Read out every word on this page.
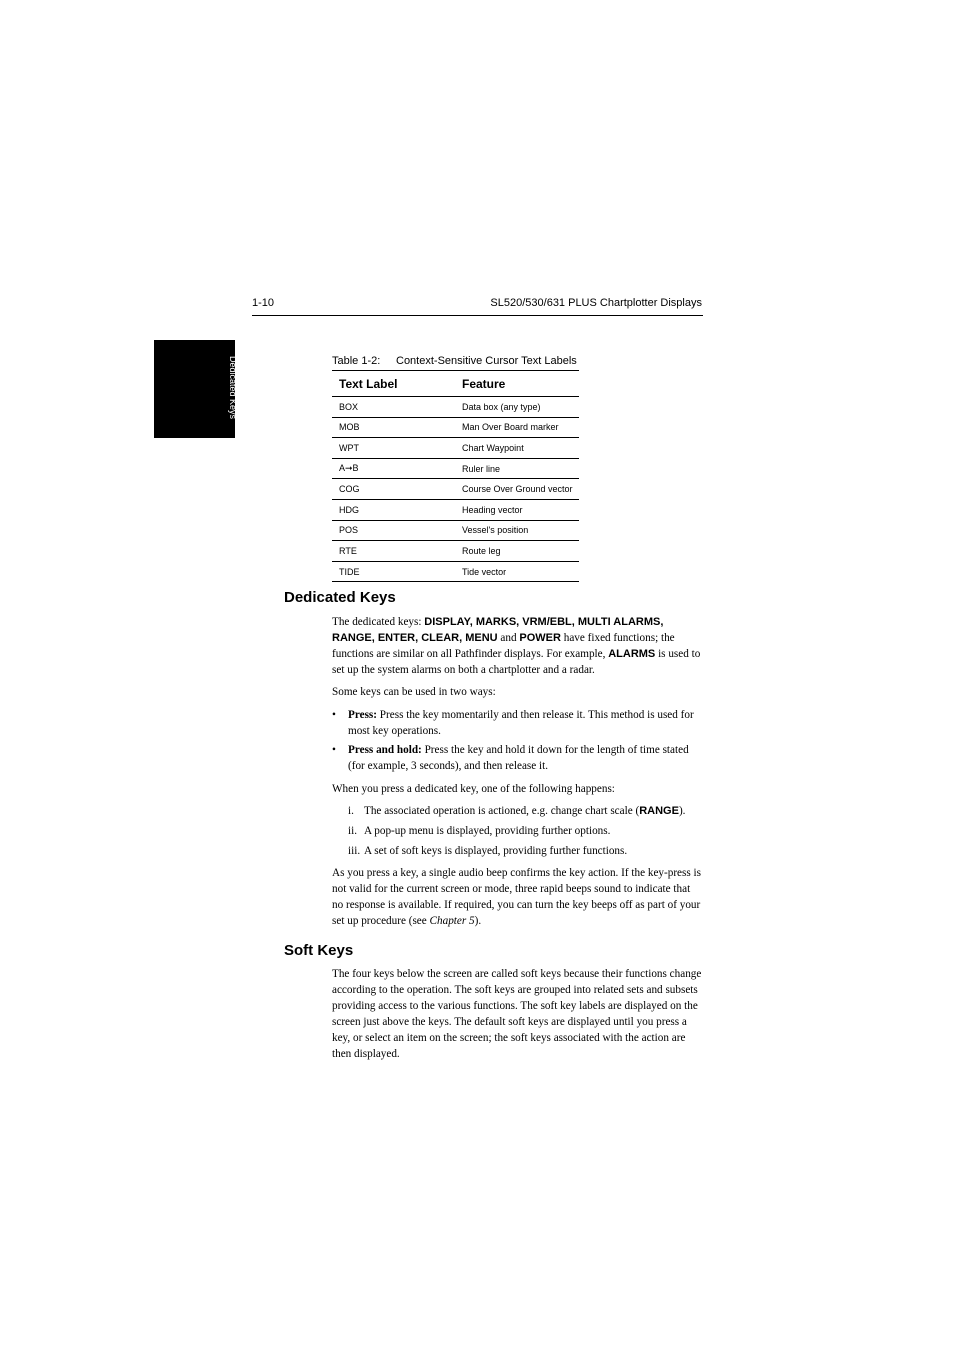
1-10	SL520/530/631 PLUS Chartplotter Displays
Dedicated Keys	Table 1-2: Context-Sensitive Cursor Text Labels
Text Label	Feature
BOX	Data box (any type)
MOB	Man Over Board marker
WPT	Chart Waypoint
A➞B	Ruler line
COG	Course Over Ground vector
HDG	Heading vector
POS	Vessel's position
RTE	Route leg
TIDE	Tide vector
Dedicated Keys

The dedicated keys: DISPLAY, MARKS, VRM/EBL, MULTI ALARMS, RANGE, ENTER, CLEAR, MENU and POWER have fixed functions; the functions are similar on all Pathfinder displays. For example, ALARMS is used to set up the system alarms on both a chartplotter and a radar.

Some keys can be used in two ways:

• Press: Press the key momentarily and then release it. This method is used for most key operations.
• Press and hold: Press the key and hold it down for the length of time stated (for example, 3 seconds), and then release it.

When you press a dedicated key, one of the following happens:

i. The associated operation is actioned, e.g. change chart scale (RANGE).
ii. A pop-up menu is displayed, providing further options.
iii. A set of soft keys is displayed, providing further functions.

As you press a key, a single audio beep confirms the key action. If the key-press is not valid for the current screen or mode, three rapid beeps sound to indicate that no response is available. If required, you can turn the key beeps off as part of your set up procedure (see Chapter 5).

Soft Keys

The four keys below the screen are called soft keys because their functions change according to the operation. The soft keys are grouped into related sets and subsets providing access to the various functions. The soft key labels are displayed on the screen just above the keys. The default soft keys are displayed until you press a key, or select an item on the screen; the soft keys associated with the action are then displayed.
